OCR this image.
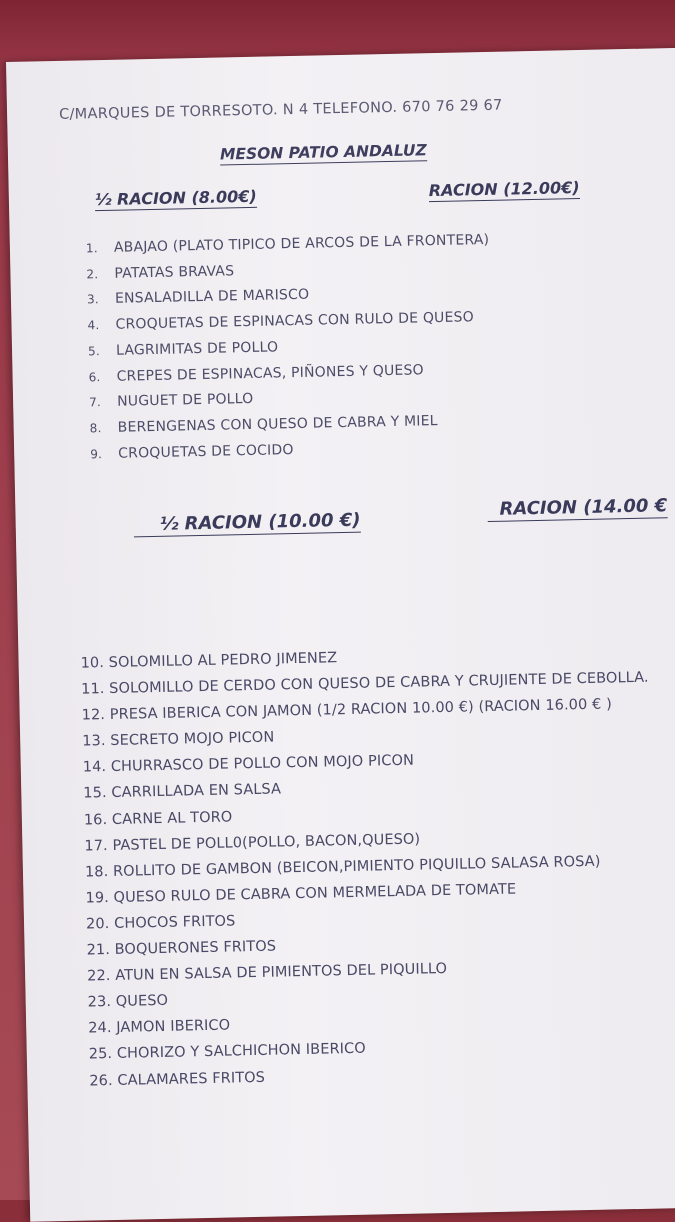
C/MARQUES DE TORRESOTO. N 4 TELEFONO. 670 76 29 67
MESON PATIO ANDALUZ
½ RACION (8.00€)	RACION (12.00€)
1. ABAJAO (PLATO TIPICO DE ARCOS DE LA FRONTERA)
2. PATATAS BRAVAS
3. ENSALADILLA DE MARISCO
4. CROQUETAS DE ESPINACAS CON RULO DE QUESO
5. LAGRIMITAS DE POLLO
6. CREPES DE ESPINACAS, PIÑONES Y QUESO
7. NUGUET DE POLLO
8. BERENGENAS CON QUESO DE CABRA Y MIEL
9. CROQUETAS DE COCIDO
½ RACION (10.00 €)
RACION (14.00 €
10. SOLOMILLO AL PEDRO JIMENEZ
11. SOLOMILLO DE CERDO CON QUESO DE CABRA Y CRUJIENTE DE CEBOLLA.
12. PRESA IBERICA CON JAMON (1/2 RACION 10.00 €) (RACION 16.00 € )
13. SECRETO MOJO PICON
14. CHURRASCO DE POLLO CON MOJO PICON
15. CARRILLADA EN SALSA
16. CARNE AL TORO
17. PASTEL DE POLL0(POLLO, BACON,QUESO)
18. ROLLITO DE GAMBON (BEICON,PIMIENTO PIQUILLO SALASA ROSA)
19. QUESO RULO DE CABRA CON MERMELADA DE TOMATE
20. CHOCOS FRITOS
21. BOQUERONES FRITOS
22. ATUN EN SALSA DE PIMIENTOS DEL PIQUILLO
23. QUESO
24. JAMON IBERICO
25. CHORIZO Y SALCHICHON IBERICO
26. CALAMARES FRITOS
